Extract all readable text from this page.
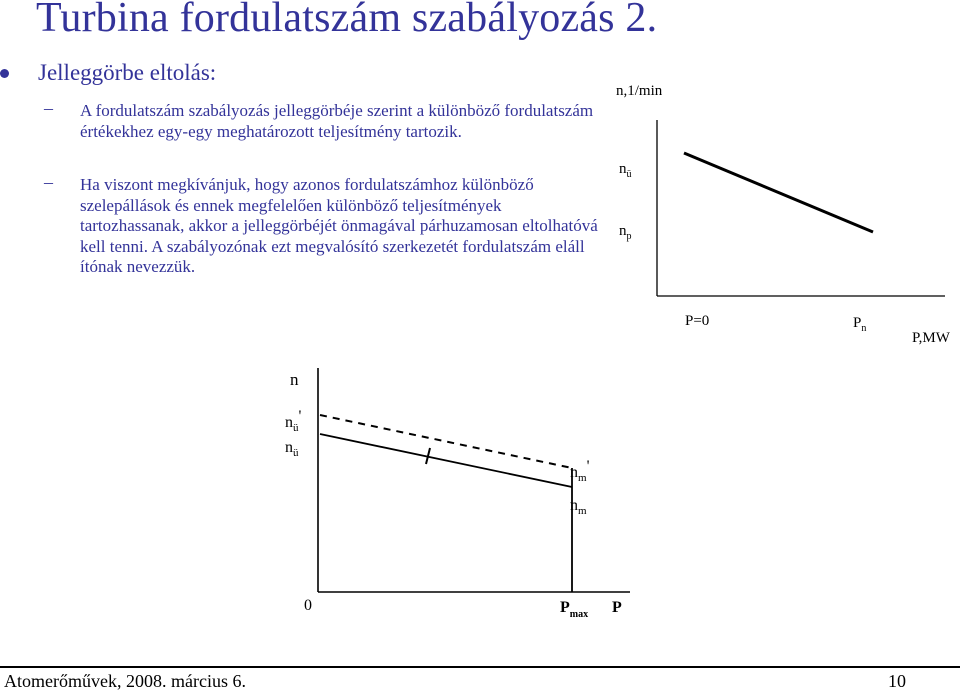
Turbina fordulatszám szabályozás 2.
Jelleggörbe eltolás:
– A fordulatszám szabályozás jelleggörbéje szerint a különböző fordulatszám értékekhez egy-egy meghatározott teljesítmény tartozik.
– Ha viszont megkívánjuk, hogy azonos fordulatszámhoz különböző szelepállások és ennek megfelelően különböző teljesítmények tartozhassanak, akkor a jelleggörbéjét önmagával párhuzamosan eltolhatóvá kell tenni. A szabályozónak ezt megvalósító szerkezetét fordulatszám eláll ítónak nevezzük.
n,1/min
$n_ü$
$n_p$
P=0	$P_n$
P,MW
n
$n_ü'$
$n_ü$
$n_m'$
$n_m$
0	$P_{max}$ P
Atomerőművek, 2008. március 6.	10
